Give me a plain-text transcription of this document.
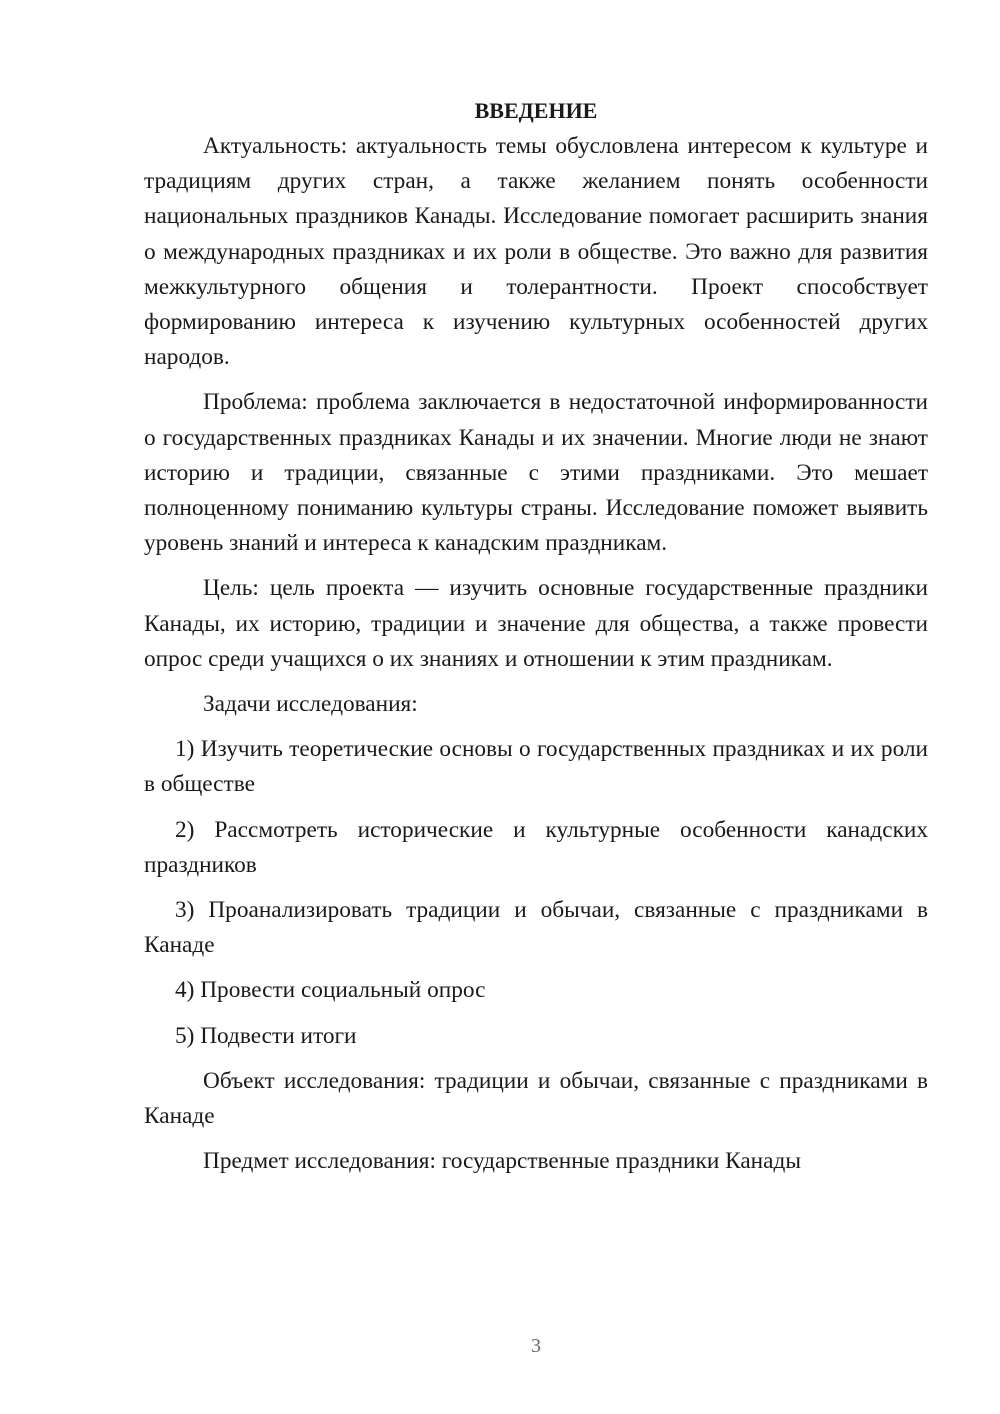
ВВЕДЕНИЕ

Актуальность: актуальность темы обусловлена интересом к культуре и традициям других стран, а также желанием понять особенности национальных праздников Канады. Исследование помогает расширить знания о международных праздниках и их роли в обществе. Это важно для развития межкультурного общения и толерантности. Проект способствует формированию интереса к изучению культурных особенностей других народов.

Проблема: проблема заключается в недостаточной информированности о государственных праздниках Канады и их значении. Многие люди не знают историю и традиции, связанные с этими праздниками. Это мешает полноценному пониманию культуры страны. Исследование поможет выявить уровень знаний и интереса к канадским праздникам.

Цель: цель проекта — изучить основные государственные праздники Канады, их историю, традиции и значение для общества, а также провести опрос среди учащихся о их знаниях и отношении к этим праздникам.

Задачи исследования:

1) Изучить теоретические основы о государственных праздниках и их роли в обществе

2) Рассмотреть исторические и культурные особенности канадских праздников

3) Проанализировать традиции и обычаи, связанные с праздниками в Канаде

4) Провести социальный опрос

5) Подвести итоги

Объект исследования: традиции и обычаи, связанные с праздниками в Канаде

Предмет исследования: государственные праздники Канады

3
